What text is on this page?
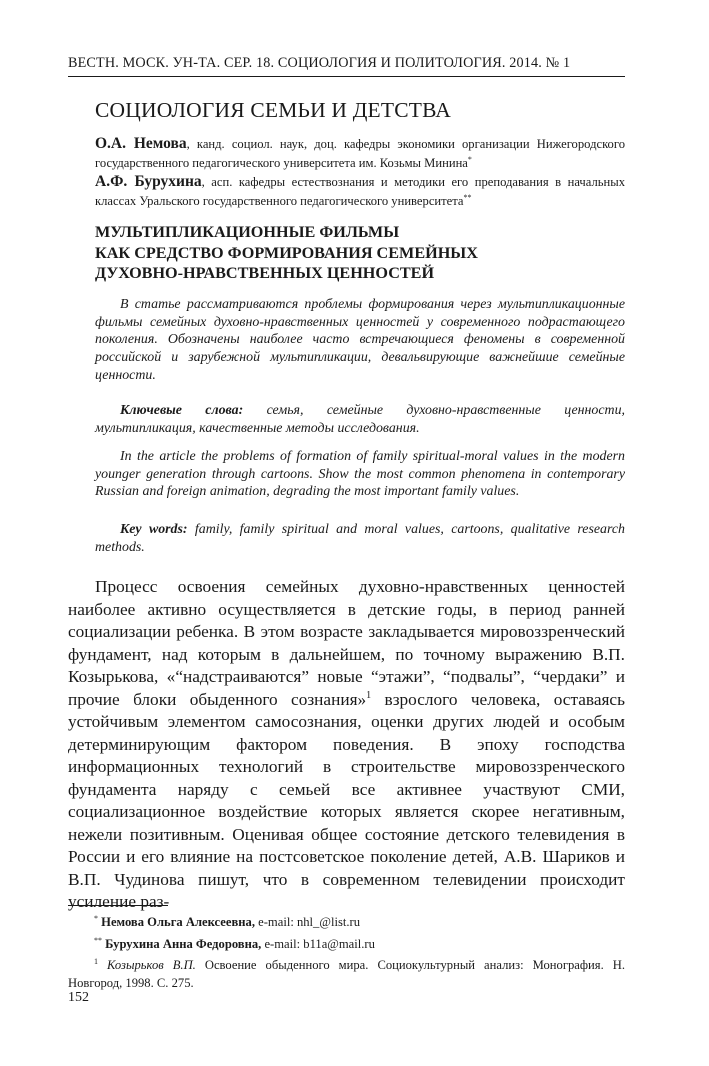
ВЕСТН. МОСК. УН-ТА. СЕР. 18. СОЦИОЛОГИЯ И ПОЛИТОЛОГИЯ. 2014. № 1
СОЦИОЛОГИЯ СЕМЬИ И ДЕТСТВА
О.А. Немова, канд. социол. наук, доц. кафедры экономики организации Нижегородского государственного педагогического университета им. Козьмы Минина*
А.Ф. Бурухина, асп. кафедры естествознания и методики его преподавания в начальных классах Уральского государственного педагогического университета**
МУЛЬТИПЛИКАЦИОННЫЕ ФИЛЬМЫ
КАК СРЕДСТВО ФОРМИРОВАНИЯ СЕМЕЙНЫХ
ДУХОВНО-НРАВСТВЕННЫХ ЦЕННОСТЕЙ

В статье рассматриваются проблемы формирования через мультипликационные фильмы семейных духовно-нравственных ценностей у современного подрастающего поколения. Обозначены наиболее часто встречающиеся феномены в современной российской и зарубежной мультипликации, девальвирующие важнейшие семейные ценности.

Ключевые слова: семья, семейные духовно-нравственные ценности, мультипликация, качественные методы исследования.

In the article the problems of formation of family spiritual-moral values in the modern younger generation through cartoons. Show the most common phenomena in contemporary Russian and foreign animation, degrading the most important family values.

Key words: family, family spiritual and moral values, cartoons, qualitative research methods.

Процесс освоения семейных духовно-нравственных ценностей наиболее активно осуществляется в детские годы, в период ранней социализации ребенка. В этом возрасте закладывается мировоззренческий фундамент, над которым в дальнейшем, по точному выражению В.П. Козырькова, «“надстраиваются” новые “этажи”, “подвалы”, “чердаки” и прочие блоки обыденного сознания»$^1$ взрослого человека, оставаясь устойчивым элементом самосознания, оценки других людей и особым детерминирующим фактором поведения. В эпоху господства информационных технологий в строительстве мировоззренческого фундамента наряду с семьей все активнее участвуют СМИ, социализационное воздействие которых является скорее негативным, нежели позитивным. Оценивая общее состояние детского телевидения в России и его влияние на постсоветское поколение детей, А.В. Шариков и В.П. Чудинова пишут, что в современном телевидении происходит усиление раз-

* Немова Ольга Алексеевна, e-mail: nhl_@list.ru

** Бурухина Анна Федоровна, e-mail: b11a@mail.ru

$^1$ Козырьков В.П. Освоение обыденного мира. Социокультурный анализ: Монография. Н. Новгород, 1998. С. 275.

152
